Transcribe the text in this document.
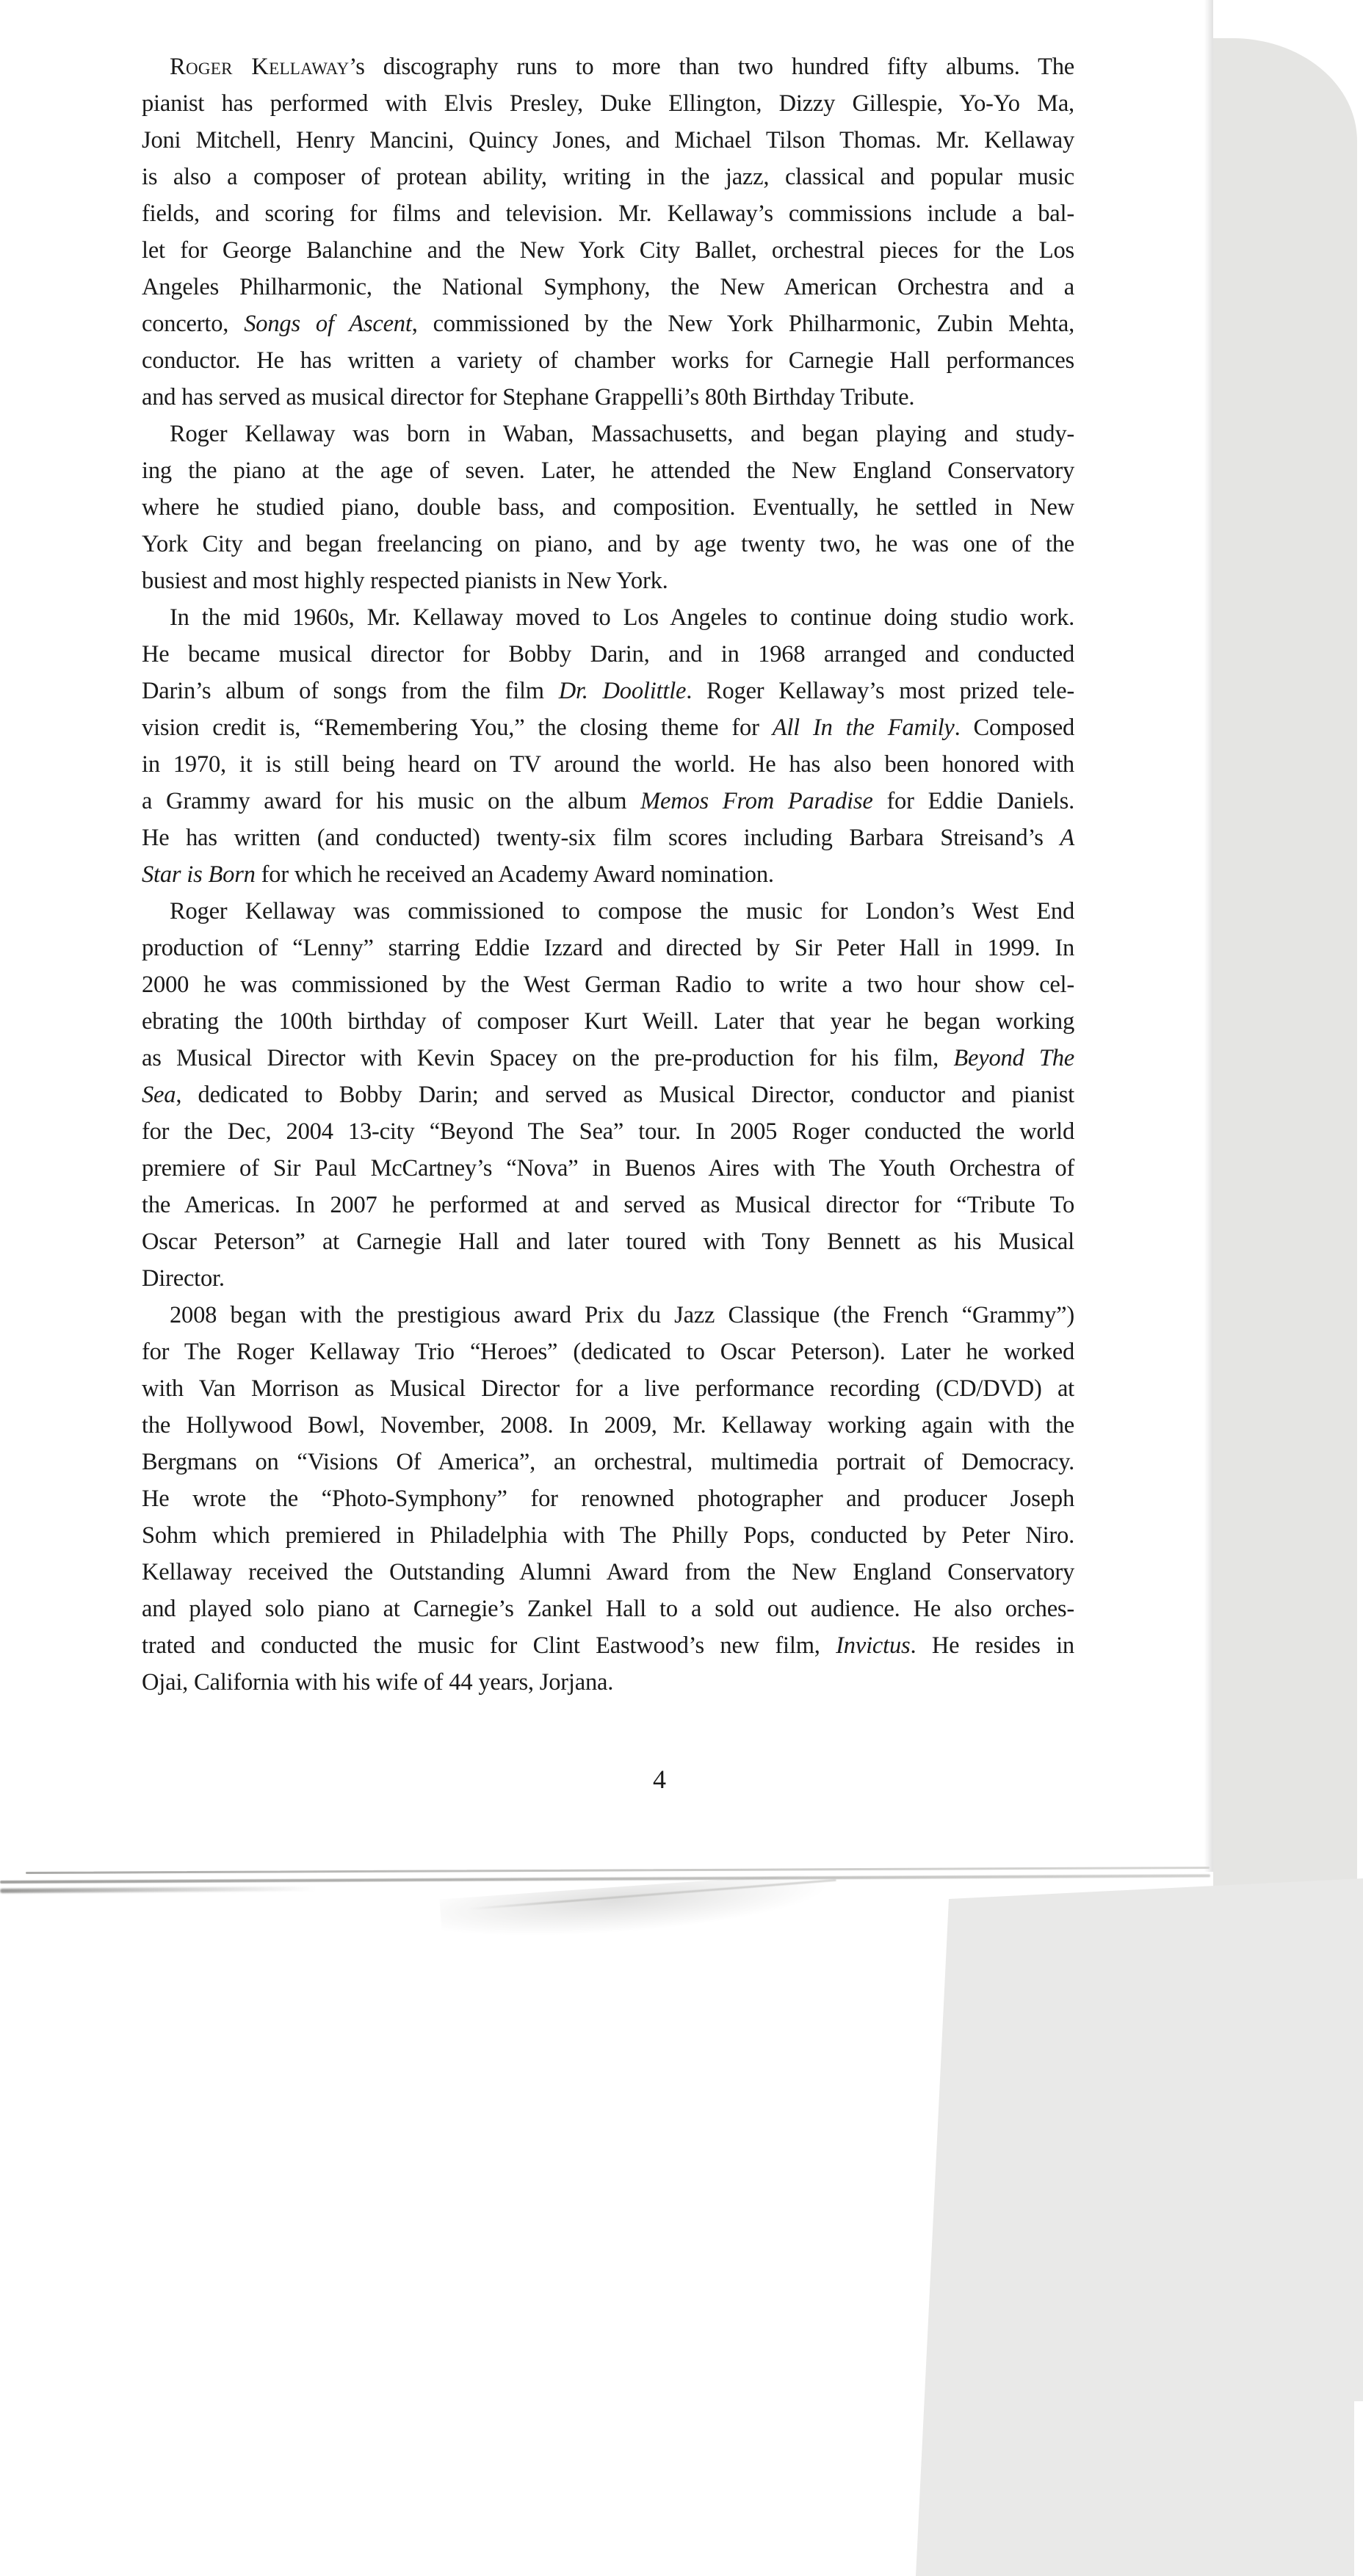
Roger Kellaway’s discography runs to more than two hundred fifty albums. The
pianist has performed with Elvis Presley, Duke Ellington, Dizzy Gillespie, Yo-Yo Ma,
Joni Mitchell, Henry Mancini, Quincy Jones, and Michael Tilson Thomas. Mr. Kellaway
is also a composer of protean ability, writing in the jazz, classical and popular music
fields, and scoring for films and television. Mr. Kellaway’s commissions include a bal-
let for George Balanchine and the New York City Ballet, orchestral pieces for the Los
Angeles Philharmonic, the National Symphony, the New American Orchestra and a
concerto, Songs of Ascent, commissioned by the New York Philharmonic, Zubin Mehta,
conductor. He has written a variety of chamber works for Carnegie Hall performances
and has served as musical director for Stephane Grappelli’s 80th Birthday Tribute.
Roger Kellaway was born in Waban, Massachusetts, and began playing and study-
ing the piano at the age of seven. Later, he attended the New England Conservatory
where he studied piano, double bass, and composition. Eventually, he settled in New
York City and began freelancing on piano, and by age twenty two, he was one of the
busiest and most highly respected pianists in New York.
In the mid 1960s, Mr. Kellaway moved to Los Angeles to continue doing studio work.
He became musical director for Bobby Darin, and in 1968 arranged and conducted
Darin’s album of songs from the film Dr. Doolittle. Roger Kellaway’s most prized tele-
vision credit is, “Remembering You,” the closing theme for All In the Family. Composed
in 1970, it is still being heard on TV around the world. He has also been honored with
a Grammy award for his music on the album Memos From Paradise for Eddie Daniels.
He has written (and conducted) twenty-six film scores including Barbara Streisand’s A
Star is Born for which he received an Academy Award nomination.
Roger Kellaway was commissioned to compose the music for London’s West End
production of “Lenny” starring Eddie Izzard and directed by Sir Peter Hall in 1999. In
2000 he was commissioned by the West German Radio to write a two hour show cel-
ebrating the 100th birthday of composer Kurt Weill. Later that year he began working
as Musical Director with Kevin Spacey on the pre-production for his film, Beyond The
Sea, dedicated to Bobby Darin; and served as Musical Director, conductor and pianist
for the Dec, 2004 13-city “Beyond The Sea” tour. In 2005 Roger conducted the world
premiere of Sir Paul McCartney’s “Nova” in Buenos Aires with The Youth Orchestra of
the Americas. In 2007 he performed at and served as Musical director for “Tribute To
Oscar Peterson” at Carnegie Hall and later toured with Tony Bennett as his Musical
Director.
2008 began with the prestigious award Prix du Jazz Classique (the French “Grammy”)
for The Roger Kellaway Trio “Heroes” (dedicated to Oscar Peterson). Later he worked
with Van Morrison as Musical Director for a live performance recording (CD/DVD) at
the Hollywood Bowl, November, 2008. In 2009, Mr. Kellaway working again with the
Bergmans on “Visions Of America”, an orchestral, multimedia portrait of Democracy.
He wrote the “Photo-Symphony” for renowned photographer and producer Joseph
Sohm which premiered in Philadelphia with The Philly Pops, conducted by Peter Niro.
Kellaway received the Outstanding Alumni Award from the New England Conservatory
and played solo piano at Carnegie’s Zankel Hall to a sold out audience. He also orches-
trated and conducted the music for Clint Eastwood’s new film, Invictus. He resides in
Ojai, California with his wife of 44 years, Jorjana.
4
